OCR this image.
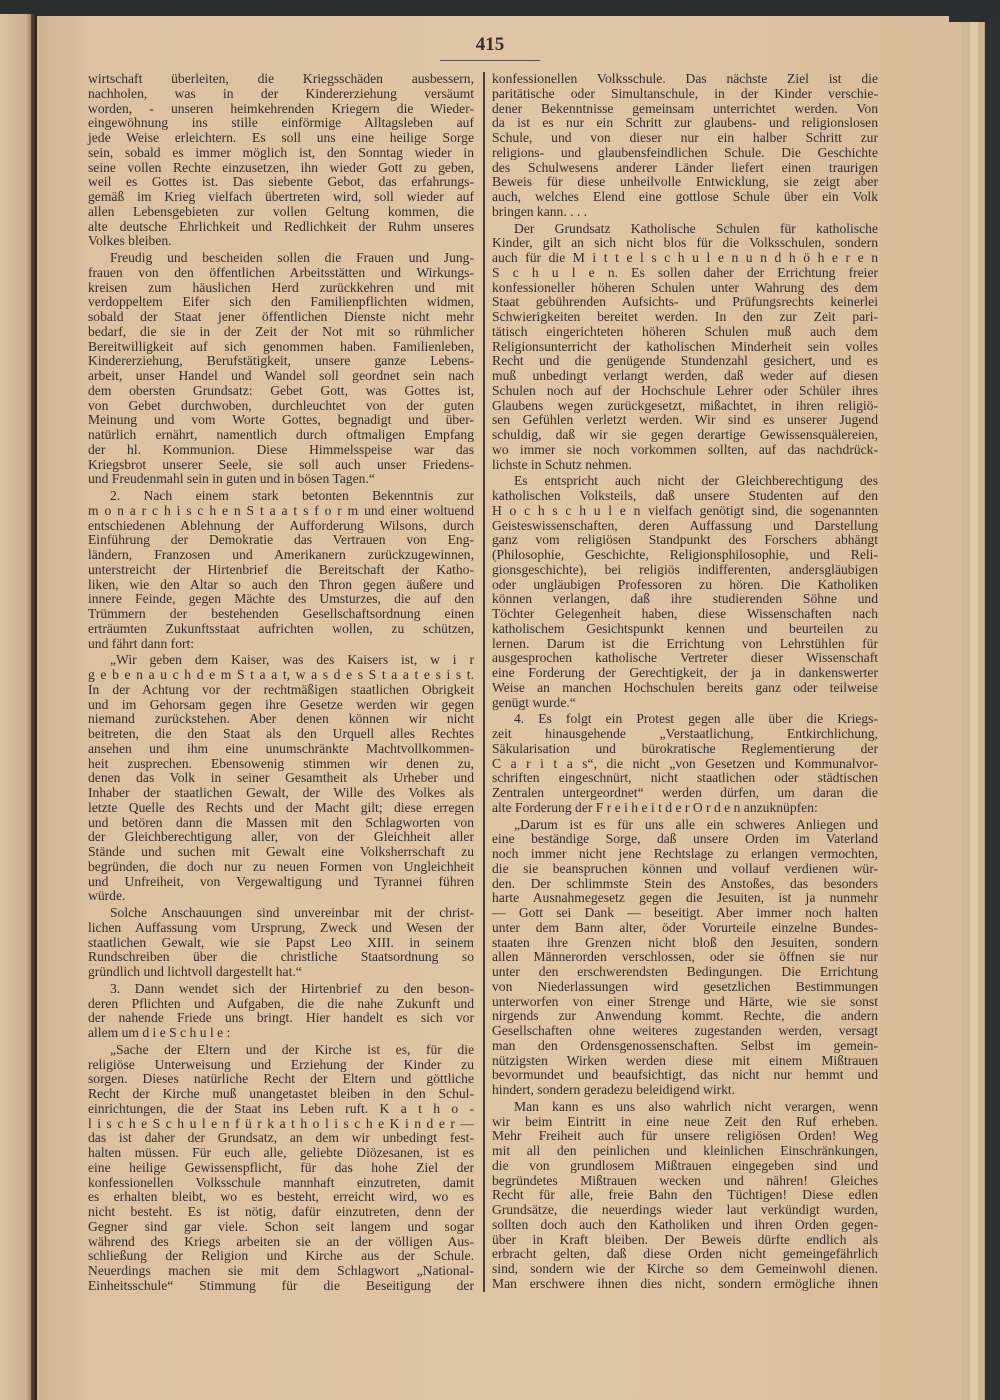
415
wirtschaft überleiten, die Kriegsschäden ausbessern,
nachholen, was in der Kindererziehung versäumt
worden, - unseren heimkehrenden Kriegern die Wieder-
eingewöhnung ins stille einförmige Alltagsleben auf
jede Weise erleichtern. Es soll uns eine heilige Sorge
sein, sobald es immer möglich ist, den Sonntag wieder in
seine vollen Rechte einzusetzen, ihn wieder Gott zu geben,
weil es Gottes ist. Das siebente Gebot, das erfahrungs-
gemäß im Krieg vielfach übertreten wird, soll wieder auf
allen Lebensgebieten zur vollen Geltung kommen, die
alte deutsche Ehrlichkeit und Redlichkeit der Ruhm unseres
Volkes bleiben.
Freudig und bescheiden sollen die Frauen und Jung-
frauen von den öffentlichen Arbeitsstätten und Wirkungs-
kreisen zum häuslichen Herd zurückkehren und mit
verdoppeltem Eifer sich den Familienpflichten widmen,
sobald der Staat jener öffentlichen Dienste nicht mehr
bedarf, die sie in der Zeit der Not mit so rühmlicher
Bereitwilligkeit auf sich genommen haben. Familienleben,
Kindererziehung, Berufstätigkeit, unsere ganze Lebens-
arbeit, unser Handel und Wandel soll geordnet sein nach
dem obersten Grundsatz: Gebet Gott, was Gottes ist,
von Gebet durchwoben, durchleuchtet von der guten
Meinung und vom Worte Gottes, begnadigt und über-
natürlich ernährt, namentlich durch oftmaligen Empfang
der hl. Kommunion. Diese Himmelsspeise war das
Kriegsbrot unserer Seele, sie soll auch unser Friedens-
und Freudenmahl sein in guten und in bösen Tagen.“
2. Nach einem stark betonten Bekenntnis zur
m o n a r c h i s c h e n S t a a t s f o r m und einer woltuend
entschiedenen Ablehnung der Aufforderung Wilsons, durch
Einführung der Demokratie das Vertrauen von Eng-
ländern, Franzosen und Amerikanern zurückzugewinnen,
unterstreicht der Hirtenbrief die Bereitschaft der Katho-
liken, wie den Altar so auch den Thron gegen äußere und
innere Feinde, gegen Mächte des Umsturzes, die auf den
Trümmern der bestehenden Gesellschaftsordnung einen
erträumten Zukunftsstaat aufrichten wollen, zu schützen,
und fährt dann fort:
„Wir geben dem Kaiser, was des Kaisers ist, w i r
g e b e n a u c h d e m S t a a t, w a s d e s S t a a t e s i s t.
In der Achtung vor der rechtmäßigen staatlichen Obrigkeit
und im Gehorsam gegen ihre Gesetze werden wir gegen
niemand zurückstehen. Aber denen können wir nicht
beitreten, die den Staat als den Urquell alles Rechtes
ansehen und ihm eine unumschränkte Machtvollkommen-
heit zusprechen. Ebensowenig stimmen wir denen zu,
denen das Volk in seiner Gesamtheit als Urheber und
Inhaber der staatlichen Gewalt, der Wille des Volkes als
letzte Quelle des Rechts und der Macht gilt; diese erregen
und betören dann die Massen mit den Schlagworten von
der Gleichberechtigung aller, von der Gleichheit aller
Stände und suchen mit Gewalt eine Volksherrschaft zu
begründen, die doch nur zu neuen Formen von Ungleichheit
und Unfreiheit, von Vergewaltigung und Tyrannei führen
würde.
Solche Anschauungen sind unvereinbar mit der christ-
lichen Auffassung vom Ursprung, Zweck und Wesen der
staatlichen Gewalt, wie sie Papst Leo XIII. in seinem
Rundschreiben über die christliche Staatsordnung so
gründlich und lichtvoll dargestellt hat.“
3. Dann wendet sich der Hirtenbrief zu den beson-
deren Pflichten und Aufgaben, die die nahe Zukunft und
der nahende Friede uns bringt. Hier handelt es sich vor
allem um d i e S c h u l e :
„Sache der Eltern und der Kirche ist es, für die
religiöse Unterweisung und Erziehung der Kinder zu
sorgen. Dieses natürliche Recht der Eltern und göttliche
Recht der Kirche muß unangetastet bleiben in den Schul-
einrichtungen, die der Staat ins Leben ruft. K a t h o -
l i s c h e S c h u l e n f ü r k a t h o l i s c h e K i n d e r —
das ist daher der Grundsatz, an dem wir unbedingt fest-
halten müssen. Für euch alle, geliebte Diözesanen, ist es
eine heilige Gewissenspflicht, für das hohe Ziel der
konfessionellen Volksschule mannhaft einzutreten, damit
es erhalten bleibt, wo es besteht, erreicht wird, wo es
nicht besteht. Es ist nötig, dafür einzutreten, denn der
Gegner sind gar viele. Schon seit langem und sogar
während des Kriegs arbeiten sie an der völligen Aus-
schließung der Religion und Kirche aus der Schule.
Neuerdings machen sie mit dem Schlagwort „National-
Einheitsschule“ Stimmung für die Beseitigung der
konfessionellen Volksschule. Das nächste Ziel ist die
paritätische oder Simultanschule, in der Kinder verschie-
dener Bekenntnisse gemeinsam unterrichtet werden. Von
da ist es nur ein Schritt zur glaubens- und religionslosen
Schule, und von dieser nur ein halber Schritt zur
religions- und glaubensfeindlichen Schule. Die Geschichte
des Schulwesens anderer Länder liefert einen traurigen
Beweis für diese unheilvolle Entwicklung, sie zeigt aber
auch, welches Elend eine gottlose Schule über ein Volk
bringen kann. . . .
Der Grundsatz Katholische Schulen für katholische
Kinder, gilt an sich nicht blos für die Volksschulen, sondern
auch für die M i t t e l s c h u l e n u n d h ö h e r e n
S c h u l e n. Es sollen daher der Errichtung freier
konfessioneller höheren Schulen unter Wahrung des dem
Staat gebührenden Aufsichts- und Prüfungsrechts keinerlei
Schwierigkeiten bereitet werden. In den zur Zeit pari-
tätisch eingerichteten höheren Schulen muß auch dem
Religionsunterricht der katholischen Minderheit sein volles
Recht und die genügende Stundenzahl gesichert, und es
muß unbedingt verlangt werden, daß weder auf diesen
Schulen noch auf der Hochschule Lehrer oder Schüler ihres
Glaubens wegen zurückgesetzt, mißachtet, in ihren religiö-
sen Gefühlen verletzt werden. Wir sind es unserer Jugend
schuldig, daß wir sie gegen derartige Gewissensquälereien,
wo immer sie noch vorkommen sollten, auf das nachdrück-
lichste in Schutz nehmen.
Es entspricht auch nicht der Gleichberechtigung des
katholischen Volksteils, daß unsere Studenten auf den
H o c h s c h u l e n vielfach genötigt sind, die sogenannten
Geisteswissenschaften, deren Auffassung und Darstellung
ganz vom religiösen Standpunkt des Forschers abhängt
(Philosophie, Geschichte, Religionsphilosophie, und Reli-
gionsgeschichte), bei religiös indifferenten, andersgläubigen
oder ungläubigen Professoren zu hören. Die Katholiken
können verlangen, daß ihre studierenden Söhne und
Töchter Gelegenheit haben, diese Wissenschaften nach
katholischem Gesichtspunkt kennen und beurteilen zu
lernen. Darum ist die Errichtung von Lehrstühlen für
ausgesprochen katholische Vertreter dieser Wissenschaft
eine Forderung der Gerechtigkeit, der ja in dankenswerter
Weise an manchen Hochschulen bereits ganz oder teilweise
genügt wurde.“
4. Es folgt ein Protest gegen alle über die Kriegs-
zeit hinausgehende „Verstaatlichung, Entkirchlichung,
Säkularisation und bürokratische Reglementierung der
C a r i t a s“, die nicht „von Gesetzen und Kommunalvor-
schriften eingeschnürt, nicht staatlichen oder städtischen
Zentralen untergeordnet“ werden dürfen, um daran die
alte Forderung der F r e i h e i t d e r O r d e n anzuknüpfen:
„Darum ist es für uns alle ein schweres Anliegen und
eine beständige Sorge, daß unsere Orden im Vaterland
noch immer nicht jene Rechtslage zu erlangen vermochten,
die sie beanspruchen können und vollauf verdienen wür-
den. Der schlimmste Stein des Anstoßes, das besonders
harte Ausnahmegesetz gegen die Jesuiten, ist ja nunmehr
— Gott sei Dank — beseitigt. Aber immer noch halten
unter dem Bann alter, öder Vorurteile einzelne Bundes-
staaten ihre Grenzen nicht bloß den Jesuiten, sondern
allen Männerorden verschlossen, oder sie öffnen sie nur
unter den erschwerendsten Bedingungen. Die Errichtung
von Niederlassungen wird gesetzlichen Bestimmungen
unterworfen von einer Strenge und Härte, wie sie sonst
nirgends zur Anwendung kommt. Rechte, die andern
Gesellschaften ohne weiteres zugestanden werden, versagt
man den Ordensgenossenschaften. Selbst im gemein-
nützigsten Wirken werden diese mit einem Mißtrauen
bevormundet und beaufsichtigt, das nicht nur hemmt und
hindert, sondern geradezu beleidigend wirkt.
Man kann es uns also wahrlich nicht verargen, wenn
wir beim Eintritt in eine neue Zeit den Ruf erheben.
Mehr Freiheit auch für unsere religiösen Orden! Weg
mit all den peinlichen und kleinlichen Einschränkungen,
die von grundlosem Mißtrauen eingegeben sind und
begründetes Mißtrauen wecken und nähren! Gleiches
Recht für alle, freie Bahn den Tüchtigen! Diese edlen
Grundsätze, die neuerdings wieder laut verkündigt wurden,
sollten doch auch den Katholiken und ihren Orden gegen-
über in Kraft bleiben. Der Beweis dürfte endlich als
erbracht gelten, daß diese Orden nicht gemeingefährlich
sind, sondern wie der Kirche so dem Gemeinwohl dienen.
Man erschwere ihnen dies nicht, sondern ermögliche ihnen
